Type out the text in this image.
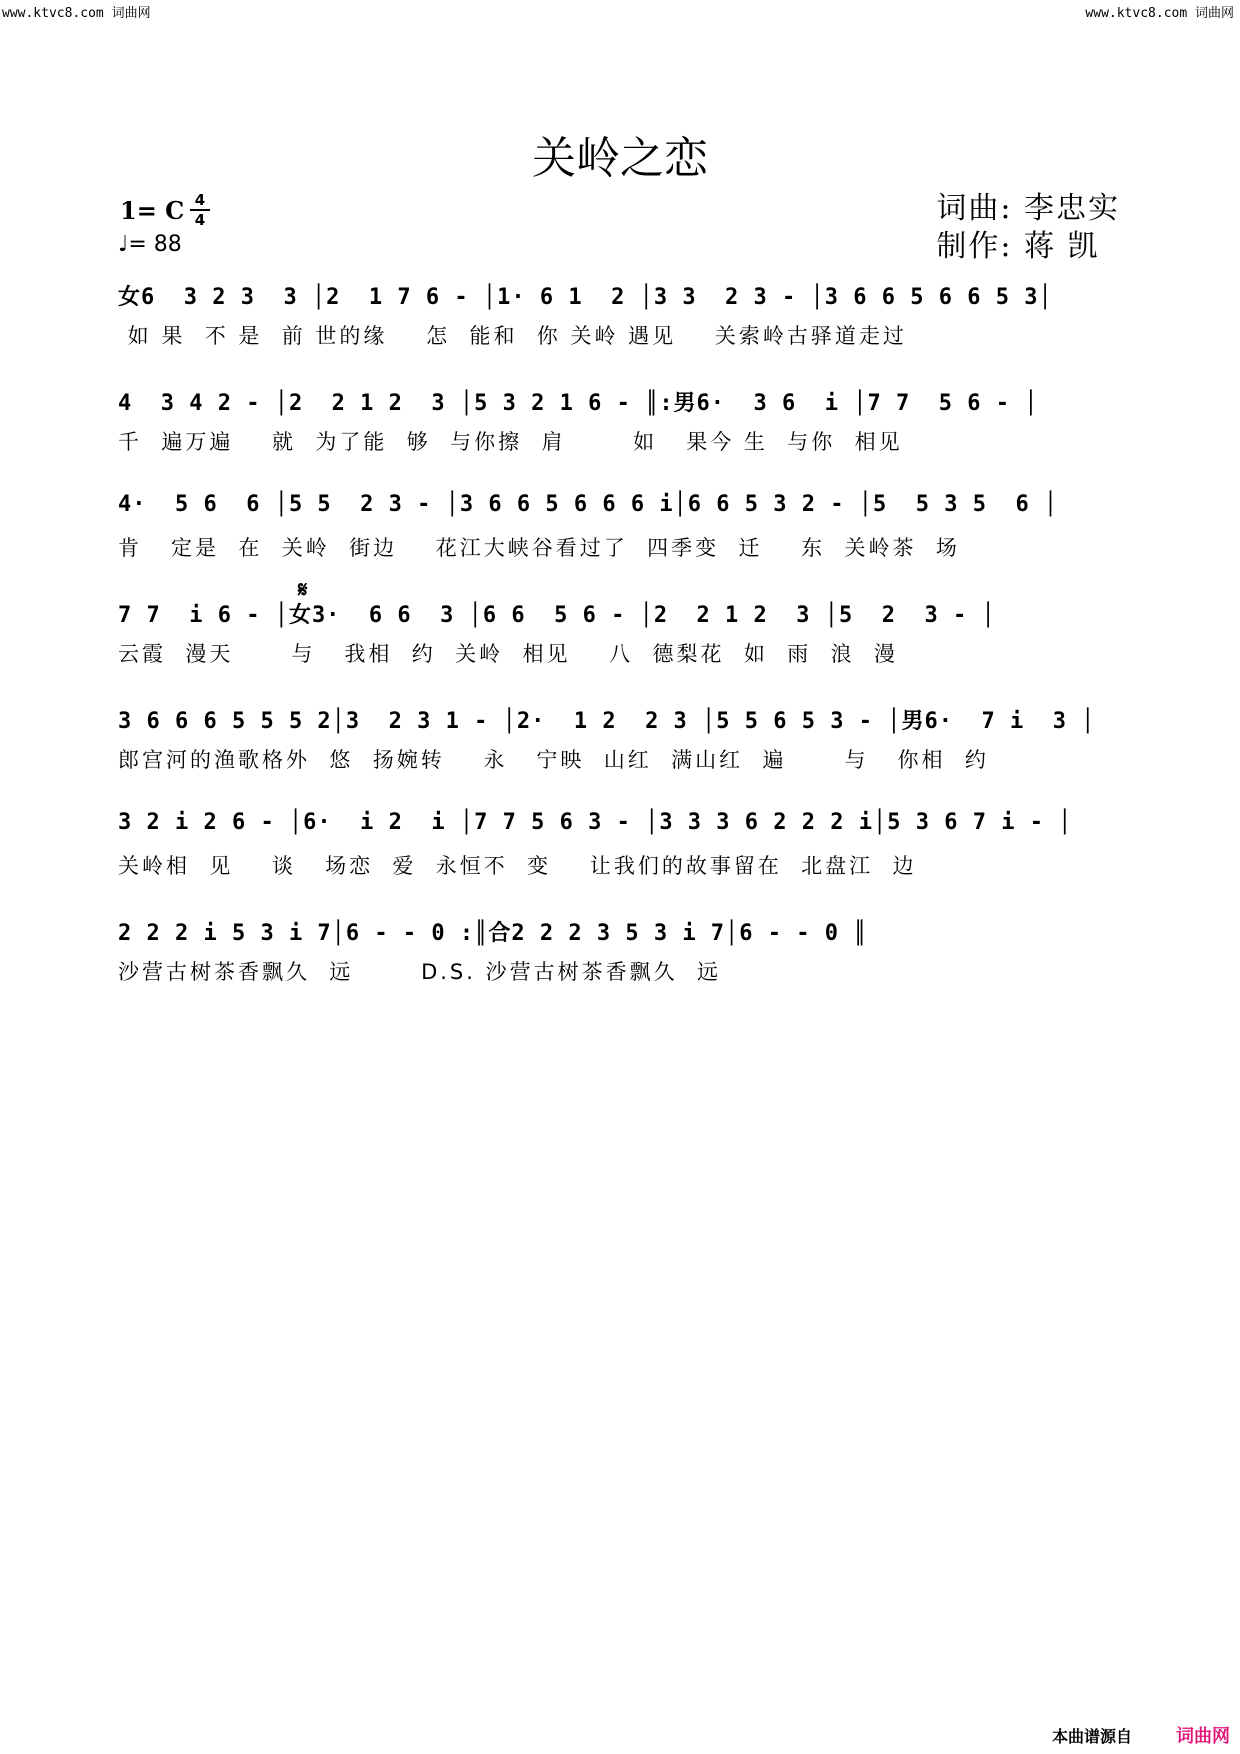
www.ktvc8.com 词曲网	www.ktvc8.com 词曲网
关岭之恋
1= C 4
4
♩= 88
词曲: 李忠实
制作: 蒋 凯
女6  3 2 3  3 │2  1 7 6 - │1· 6 1  2 │3 3  2 3 - │3 6 6 5 6 6 5 3│
如 果  不 是  前 世的缘    怎  能和  你 关岭 遇见    关索岭古驿道走过
4  3 4 2 - │2  2 1 2  3 │5 3 2 1 6 - ║:男6·  3 6  i │7 7  5 6 - │
千  遍万遍    就  为了能  够  与你擦  肩       如   果今 生  与你  相见
4·  5 6  6 │5 5  2 3 - │3 6 6 5 6 6 6 i│6 6 5 3 2 - │5  5 3 5  6 │
肯   定是  在  关岭  街边    花江大峡谷看过了  四季变  迁    东  关岭茶  场
𝄋
7 7  i 6 - │女3·  6 6  3 │6 6  5 6 - │2  2 1 2  3 │5  2  3 - │
云霞  漫天      与   我相  约  关岭  相见    八  德梨花  如  雨  浪  漫
3 6 6 6 5 5 5 2│3  2 3 1 - │2·  1 2  2 3 │5 5 6 5 3 - │男6·  7 i  3 │
郎宫河的渔歌格外  悠  扬婉转    永   宁映  山红  满山红  遍      与   你相  约
3 2 i 2 6 - │6·  i 2  i │7 7 5 6 3 - │3 3 3 6 2 2 2 i│5 3 6 7 i - │
关岭相  见    谈   场恋  爱  永恒不  变    让我们的故事留在  北盘江  边
2 2 2 i 5 3 i 7│6 - - 0 :║合2 2 2 3 5 3 i 7│6 - - 0 ║
沙营古树茶香飘久  远       D.S. 沙营古树茶香飘久  远
本曲谱源自 词曲网
